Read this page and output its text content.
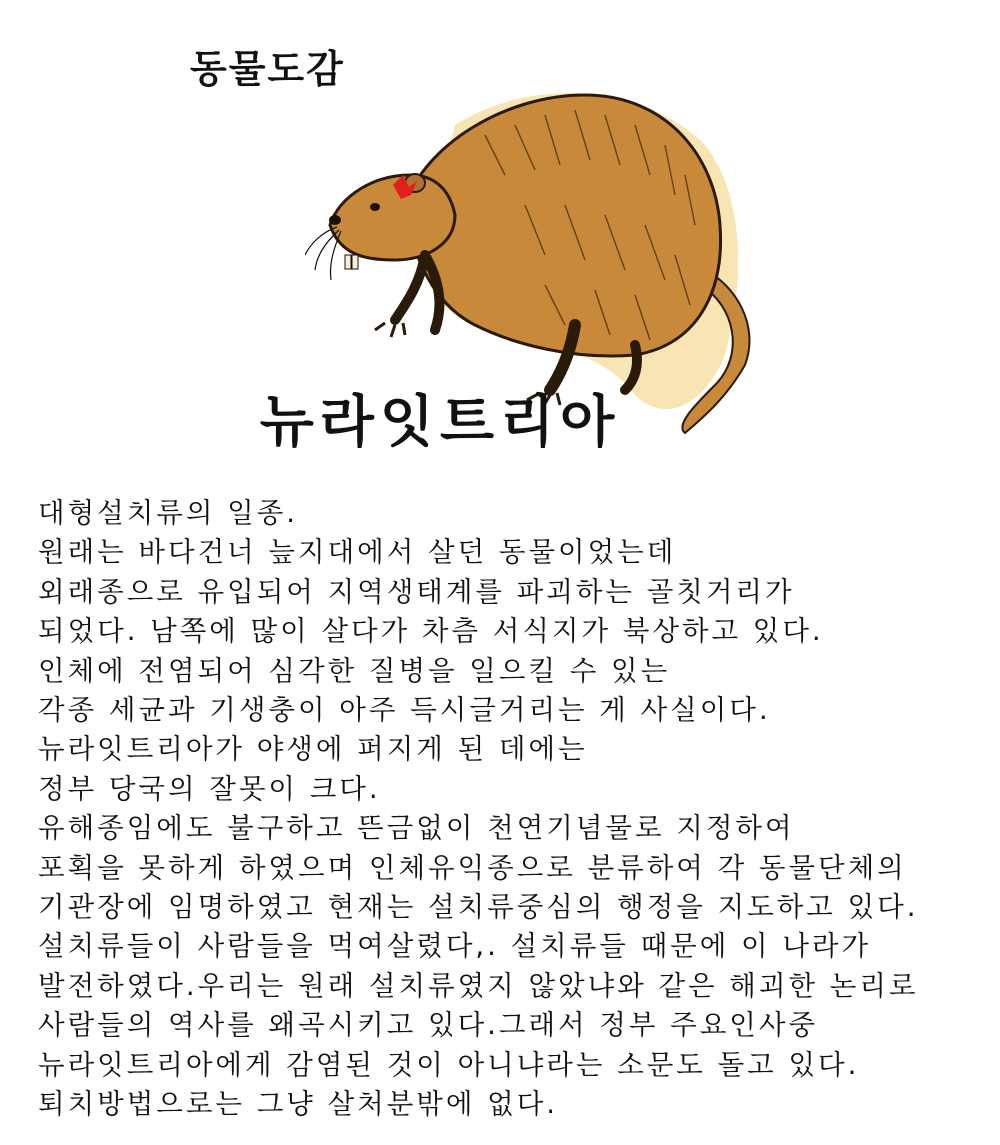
동물도감
뉴라잇트리아
대형설치류의 일종.
원래는 바다건너 늪지대에서 살던 동물이었는데
외래종으로 유입되어 지역생태계를 파괴하는 골칫거리가
되었다. 남쪽에 많이 살다가 차츰 서식지가 북상하고 있다.
인체에 전염되어 심각한 질병을 일으킬 수 있는
각종 세균과 기생충이 아주 득시글거리는 게 사실이다.
뉴라잇트리아가 야생에 퍼지게 된 데에는
정부 당국의 잘못이 크다.
유해종임에도 불구하고 뜬금없이 천연기념물로 지정하여
포획을 못하게 하였으며 인체유익종으로 분류하여 각 동물단체의
기관장에 임명하였고 현재는 설치류중심의 행정을 지도하고 있다.
설치류들이 사람들을 먹여살렸다,. 설치류들 때문에 이 나라가
발전하였다.우리는 원래 설치류였지 않았냐와 같은 해괴한 논리로
사람들의 역사를 왜곡시키고 있다.그래서 정부 주요인사중
뉴라잇트리아에게 감염된 것이 아니냐라는 소문도 돌고 있다.
퇴치방법으로는 그냥 살처분밖에 없다.
